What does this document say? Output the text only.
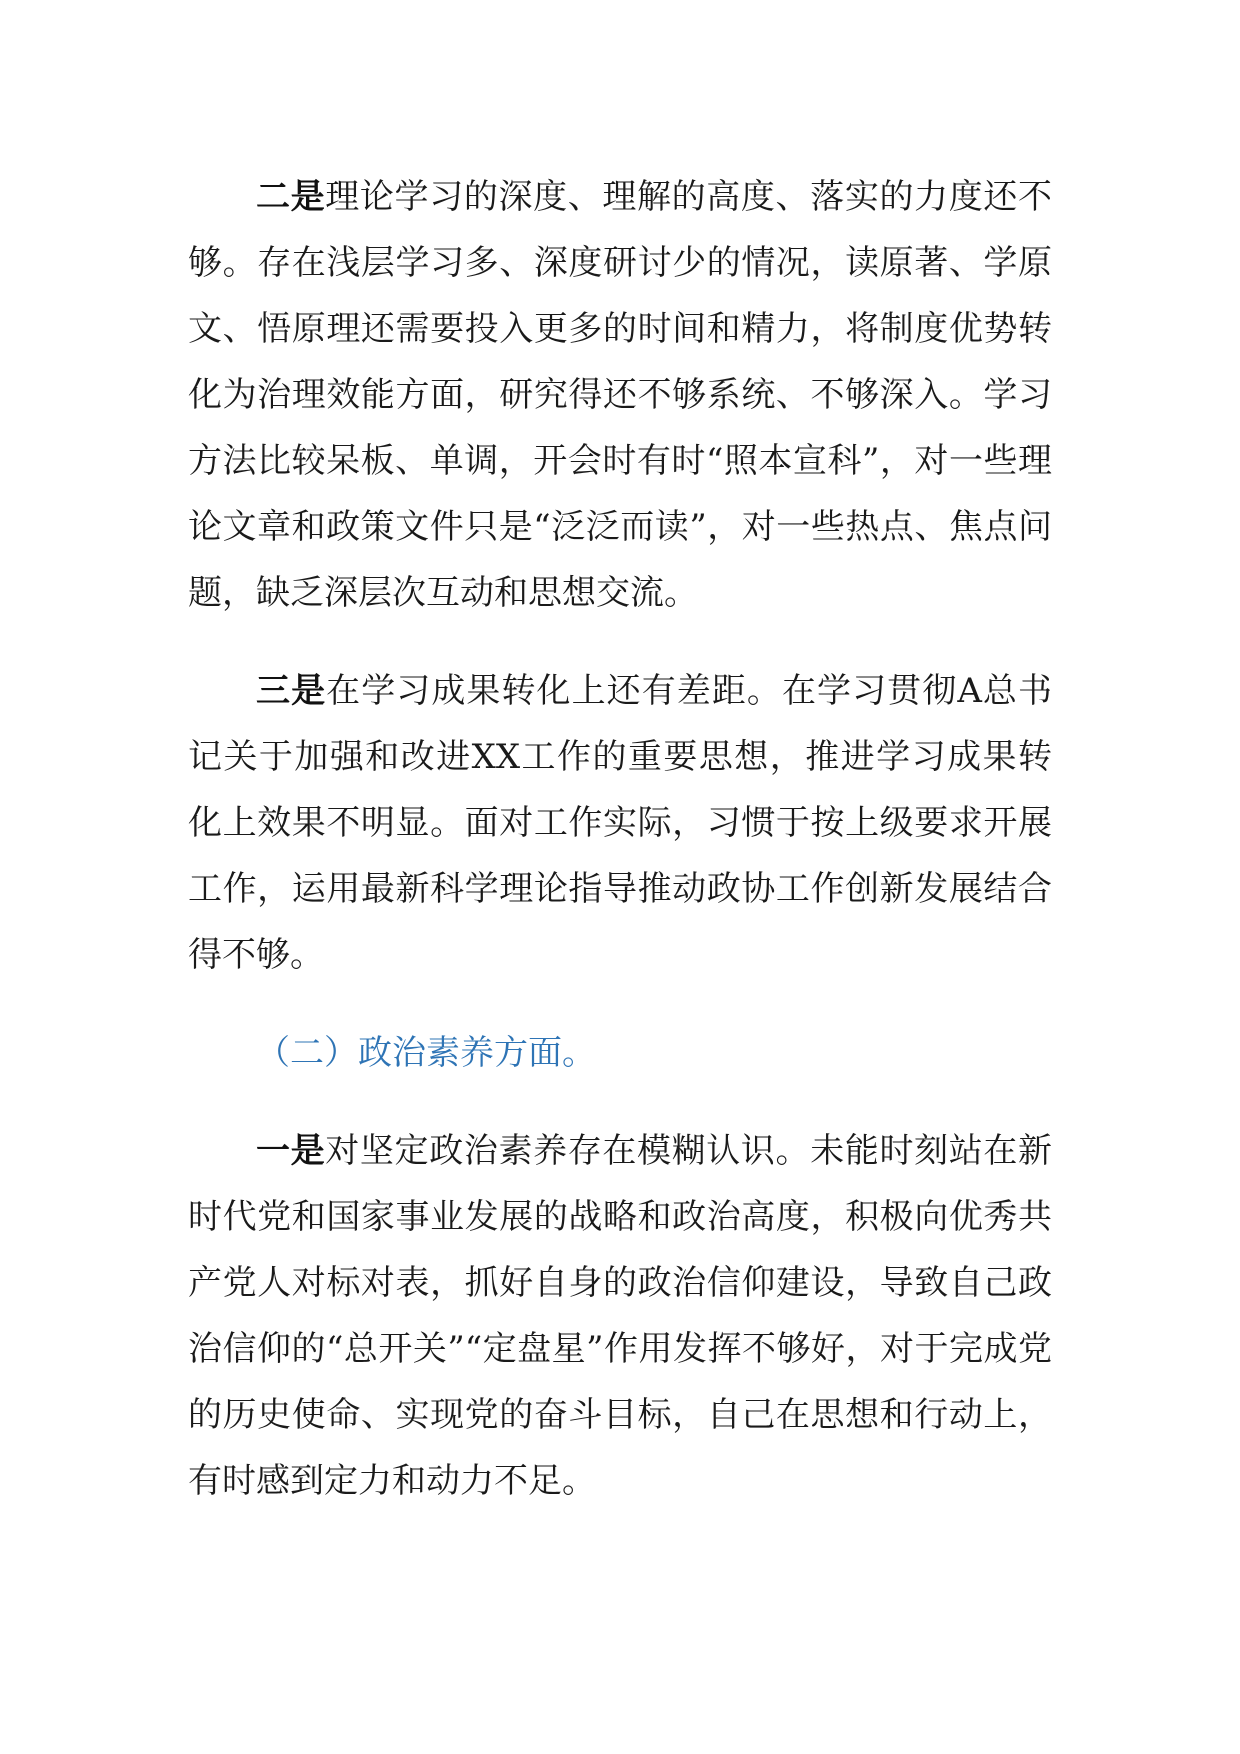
二是理论学习的深度、理解的高度、落实的力度还不够。存在浅层学习多、深度研讨少的情况，读原著、学原文、悟原理还需要投入更多的时间和精力，将制度优势转化为治理效能方面，研究得还不够系统、不够深入。学习方法比较呆板、单调，开会时有时“照本宣科”，对一些理论文章和政策文件只是“泛泛而读”，对一些热点、焦点问题，缺乏深层次互动和思想交流。

三是在学习成果转化上还有差距。在学习贯彻A总书记关于加强和改进XX工作的重要思想，推进学习成果转化上效果不明显。面对工作实际，习惯于按上级要求开展工作，运用最新科学理论指导推动政协工作创新发展结合得不够。

（二）政治素养方面。

一是对坚定政治素养存在模糊认识。未能时刻站在新时代党和国家事业发展的战略和政治高度，积极向优秀共产党人对标对表，抓好自身的政治信仰建设，导致自己政治信仰的“总开关”“定盘星”作用发挥不够好，对于完成党的历史使命、实现党的奋斗目标，自己在思想和行动上，有时感到定力和动力不足。
